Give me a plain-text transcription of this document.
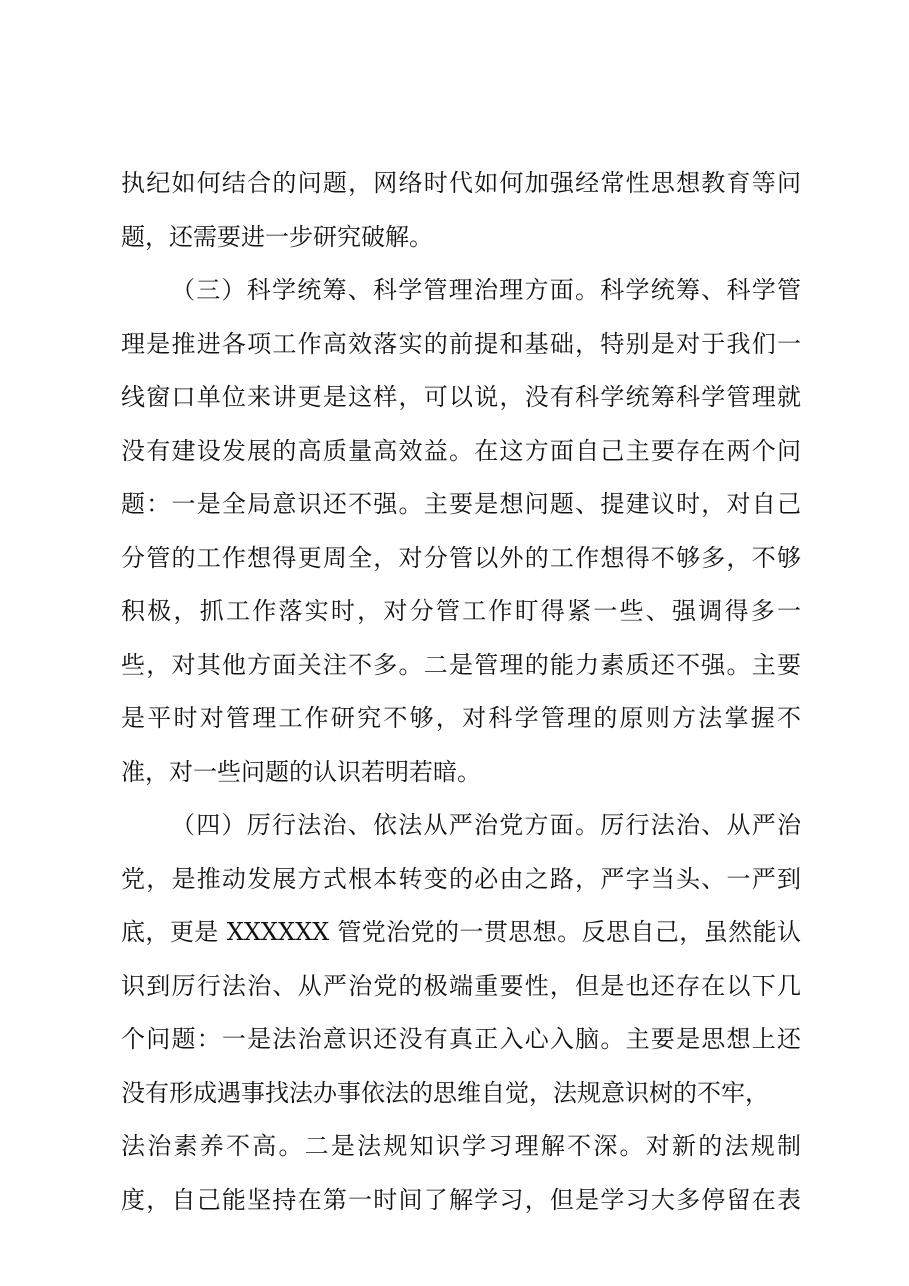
执纪如何结合的问题，网络时代如何加强经常性思想教育等问
题，还需要进一步研究破解。
（三）科学统筹、科学管理治理方面。科学统筹、科学管
理是推进各项工作高效落实的前提和基础，特别是对于我们一
线窗口单位来讲更是这样，可以说，没有科学统筹科学管理就
没有建设发展的高质量高效益。在这方面自己主要存在两个问
题：一是全局意识还不强。主要是想问题、提建议时，对自己
分管的工作想得更周全，对分管以外的工作想得不够多，不够
积极，抓工作落实时，对分管工作盯得紧一些、强调得多一
些，对其他方面关注不多。二是管理的能力素质还不强。主要
是平时对管理工作研究不够，对科学管理的原则方法掌握不
准，对一些问题的认识若明若暗。
（四）厉行法治、依法从严治党方面。厉行法治、从严治
党，是推动发展方式根本转变的必由之路，严字当头、一严到
底，更是 XXXXXX 管党治党的一贯思想。反思自己，虽然能认
识到厉行法治、从严治党的极端重要性，但是也还存在以下几
个问题：一是法治意识还没有真正入心入脑。主要是思想上还
没有形成遇事找法办事依法的思维自觉，法规意识树的不牢，
法治素养不高。二是法规知识学习理解不深。对新的法规制
度，自己能坚持在第一时间了解学习，但是学习大多停留在表
